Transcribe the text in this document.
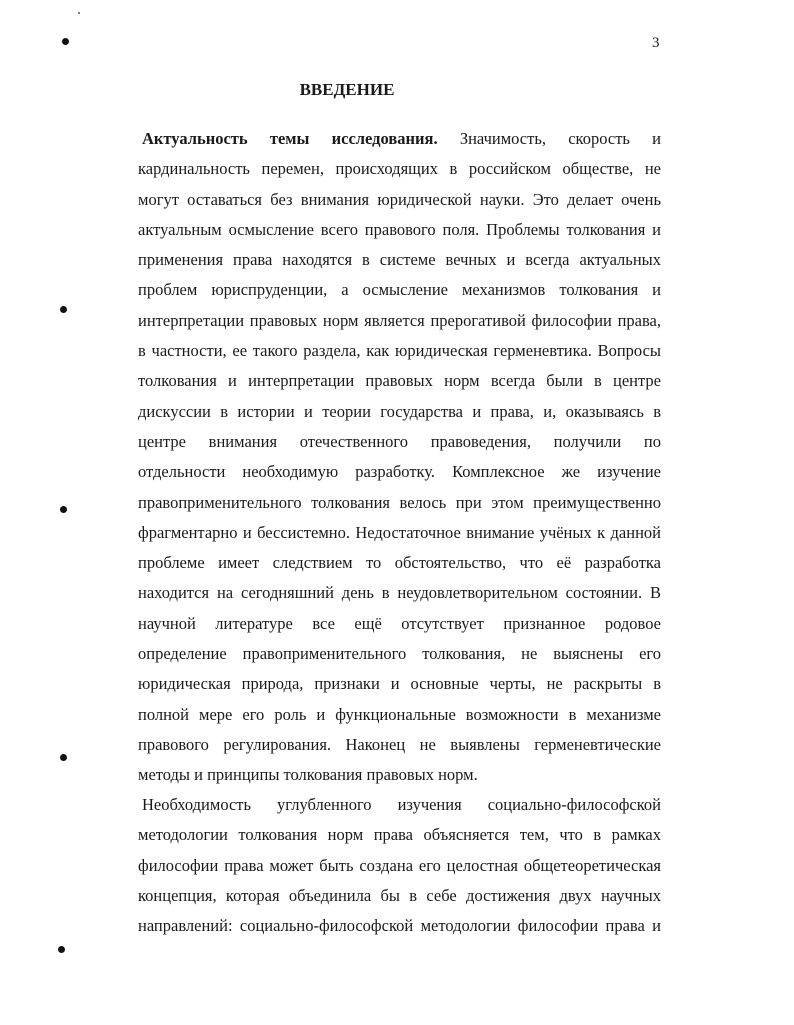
3
ВВЕДЕНИЕ
Актуальность темы исследования. Значимость, скорость и
кардинальность перемен, происходящих в российском обществе, не
могут оставаться без внимания юридической науки. Это делает очень
актуальным осмысление всего правового поля. Проблемы толкования и
применения права находятся в системе вечных и всегда актуальных
проблем юриспруденции, а осмысление механизмов толкования и
интерпретации правовых норм является прерогативой философии права,
в частности, ее такого раздела, как юридическая герменевтика. Вопросы
толкования и интерпретации правовых норм всегда были в центре
дискуссии в истории и теории государства и права, и, оказываясь в
центре внимания отечественного правоведения, получили по
отдельности необходимую разработку. Комплексное же изучение
правоприменительного толкования велось при этом преимущественно
фрагментарно и бессистемно. Недостаточное внимание учёных к данной
проблеме имеет следствием то обстоятельство, что её разработка
находится на сегодняшний день в неудовлетворительном состоянии. В
научной литературе все ещё отсутствует признанное родовое
определение правоприменительного толкования, не выяснены его
юридическая природа, признаки и основные черты, не раскрыты в
полной мере его роль и функциональные возможности в механизме
правового регулирования. Наконец не выявлены герменевтические
методы и принципы толкования правовых норм.
Необходимость углубленного изучения социально-философской
методологии толкования норм права объясняется тем, что в рамках
философии права может быть создана его целостная общетеоретическая
концепция, которая объединила бы в себе достижения двух научных
направлений: социально-философской методологии философии права и
